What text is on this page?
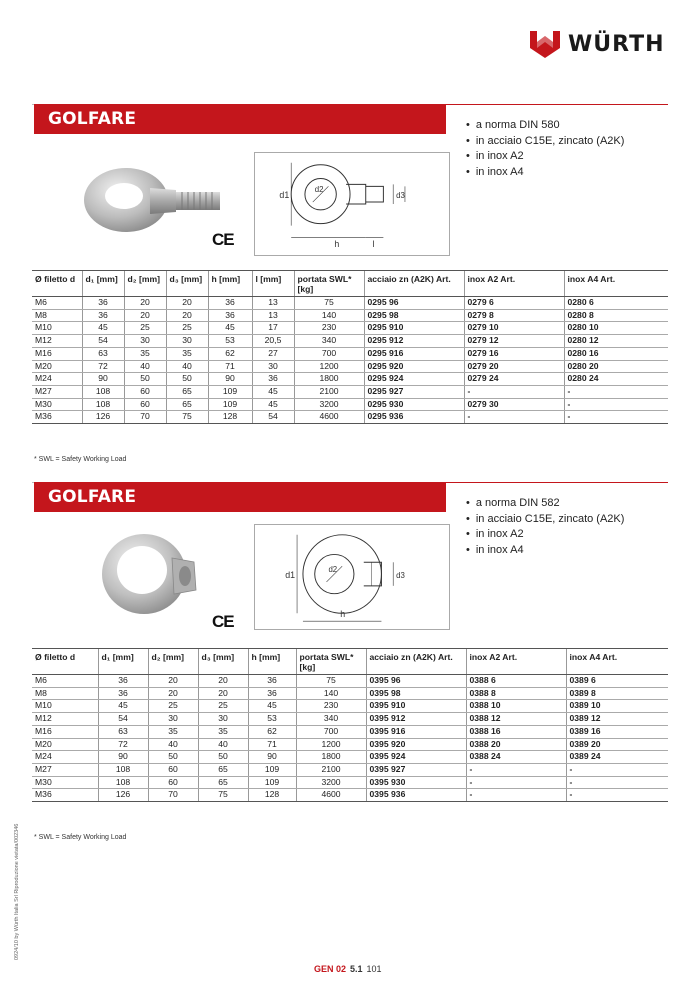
WÜRTH
GOLFARE MASCHIO
• a norma DIN 580
• in acciaio C15E, zincato (A2K)
• in inox A2
• in inox A4
CE
d1
d2
d3
h	l
Ø filetto d	d₁ [mm]	d₂ [mm]	d₃ [mm]	h [mm]	l [mm]	portata SWL* [kg]	acciaio zn (A2K) Art.	inox A2 Art.	inox A4 Art.
M6	36	20	20	36	13	75	0295 96	0279 6	0280 6
M8	36	20	20	36	13	140	0295 98	0279 8	0280 8
M10	45	25	25	45	17	230	0295 910	0279 10	0280 10
M12	54	30	30	53	20,5	340	0295 912	0279 12	0280 12
M16	63	35	35	62	27	700	0295 916	0279 16	0280 16
M20	72	40	40	71	30	1200	0295 920	0279 20	0280 20
M24	90	50	50	90	36	1800	0295 924	0279 24	0280 24
M27	108	60	65	109	45	2100	0295 927	-	-
M30	108	60	65	109	45	3200	0295 930	0279 30	-
M36	126	70	75	128	54	4600	0295 936	-	-
* SWL = Safety Working Load
GOLFARE FEMMINA
• a norma DIN 582
• in acciaio C15E, zincato (A2K)
• in inox A2
• in inox A4
CE
d1
d2
d3
h
Ø filetto d	d₁ [mm]	d₂ [mm]	d₃ [mm]	h [mm]	portata SWL* [kg]	acciaio zn (A2K) Art.	inox A2 Art.	inox A4 Art.
M6	36	20	20	36	75	0395 96	0388 6	0389 6
M8	36	20	20	36	140	0395 98	0388 8	0389 8
M10	45	25	25	45	230	0395 910	0388 10	0389 10
M12	54	30	30	53	340	0395 912	0388 12	0389 12
M16	63	35	35	62	700	0395 916	0388 16	0389 16
M20	72	40	40	71	1200	0395 920	0388 20	0389 20
M24	90	50	50	90	1800	0395 924	0388 24	0389 24
M27	108	60	65	109	2100	0395 927	-	-
M30	108	60	65	109	3200	0395 930	-	-
M36	126	70	75	128	4600	0395 936	-	-
* SWL = Safety Working Load
0924/10 by Würth Italia Srl Riproduzione vietata/002346
GEN 02 5.1 101
